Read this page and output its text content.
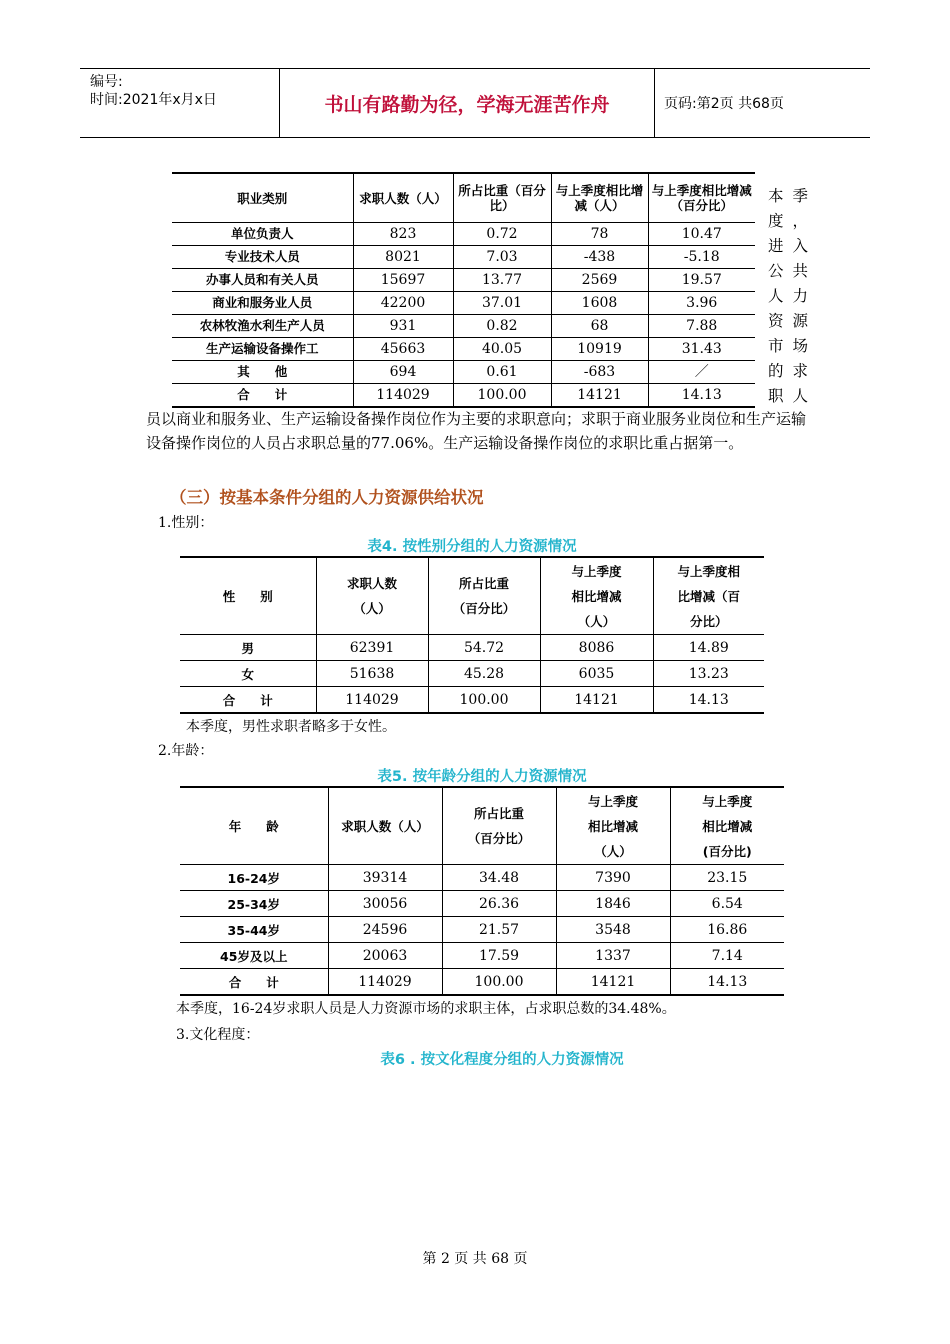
编号:
时间:2021年x月x日	书山有路勤为径，学海无涯苦作舟	页码:第2页 共68页
职业类别	求职人数（人）	所占比重（百分比）	与上季度相比增减（人）	与上季度相比增减 （百分比）
单位负责人	823	0.72	78	10.47
专业技术人员	8021	7.03	-438	-5.18
办事人员和有关人员	15697	13.77	2569	19.57
商业和服务业人员	42200	37.01	1608	3.96
农林牧渔水利生产人员	931	0.82	68	7.88
生产运输设备操作工	45663	40.05	10919	31.43
其　　他	694	0.61	-683	／
合　　计	114029	100.00	14121	14.13
本季度，进入公共人力资源市场的求职人
员以商业和服务业、生产运输设备操作岗位作为主要的求职意向；求职于商业服务业岗位和生产运输设备操作岗位的人员占求职总量的77.06%。生产运输设备操作岗位的求职比重占据第一。
（三）按基本条件分组的人力资源供给状况
1.性别：
表4. 按性别分组的人力资源情况
性　　别	求职人数（人）	所占比重（百分比）	与上季度相比增减（人）	与上季度相比增减（百分比）

男	62391	54.72	8086	14.89
女	51638	45.28	6035	13.23
合　　计	114029	100.00	14121	14.13
本季度，男性求职者略多于女性。
2.年龄：
表5. 按年龄分组的人力资源情况
年　　龄	求职人数（人）	所占比重（百分比）	与上季度相比增减（人）	与上季度相比增减(百分比)

16-24岁	39314	34.48	7390	23.15
25-34岁	30056	26.36	1846	6.54
35-44岁	24596	21.57	3548	16.86
45岁及以上	20063	17.59	1337	7.14
合　　计	114029	100.00	14121	14.13
本季度，16-24岁求职人员是人力资源市场的求职主体，占求职总数的34.48%。
3.文化程度：
表6 . 按文化程度分组的人力资源情况
第 2 页 共 68 页
